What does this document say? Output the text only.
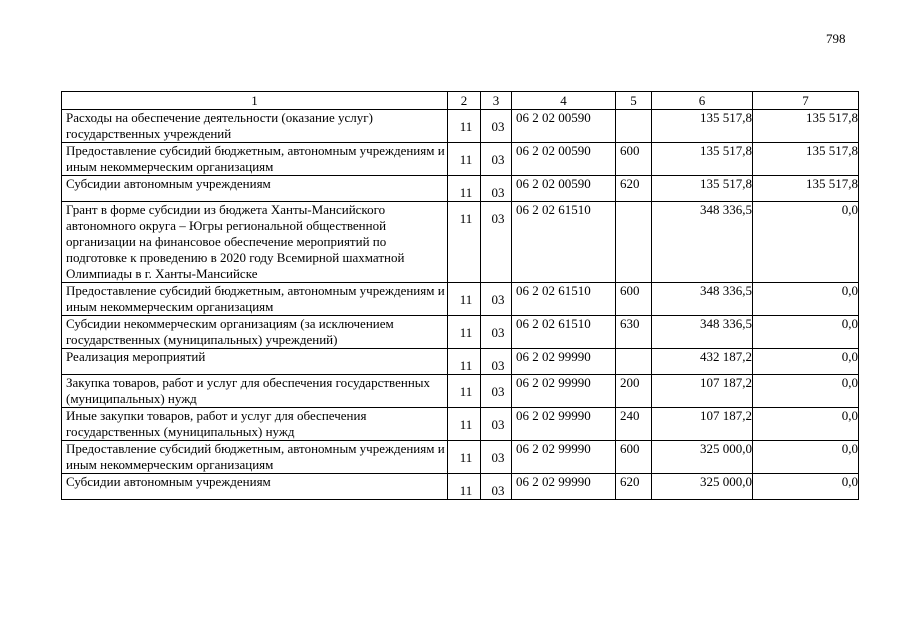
798
1	2	3	4	5	6	7
Расходы на обеспечение деятельности (оказание услуг) государственных учреждений	11	03	06 2 02 00590		135 517,8	135 517,8
Предоставление субсидий бюджетным, автономным учреждениям и иным некоммерческим организациям	11	03	06 2 02 00590	600	135 517,8	135 517,8
Субсидии автономным учреждениям	11	03	06 2 02 00590	620	135 517,8	135 517,8
Грант в форме субсидии из бюджета Ханты-Мансийского автономного округа – Югры региональной общественной организации на финансовое обеспечение мероприятий по подготовке к проведению в 2020 году Всемирной шахматной Олимпиады в г. Ханты-Мансийске	11	03	06 2 02 61510		348 336,5	0,0
Предоставление субсидий бюджетным, автономным учреждениям и иным некоммерческим организациям	11	03	06 2 02 61510	600	348 336,5	0,0
Субсидии некоммерческим организациям (за исключением государственных (муниципальных) учреждений)	11	03	06 2 02 61510	630	348 336,5	0,0
Реализация мероприятий	11	03	06 2 02 99990		432 187,2	0,0
Закупка товаров, работ и услуг для обеспечения государственных (муниципальных) нужд	11	03	06 2 02 99990	200	107 187,2	0,0
Иные закупки товаров, работ и услуг для обеспечения государственных (муниципальных) нужд	11	03	06 2 02 99990	240	107 187,2	0,0
Предоставление субсидий бюджетным, автономным учреждениям и иным некоммерческим организациям	11	03	06 2 02 99990	600	325 000,0	0,0
Субсидии автономным учреждениям	11	03	06 2 02 99990	620	325 000,0	0,0
